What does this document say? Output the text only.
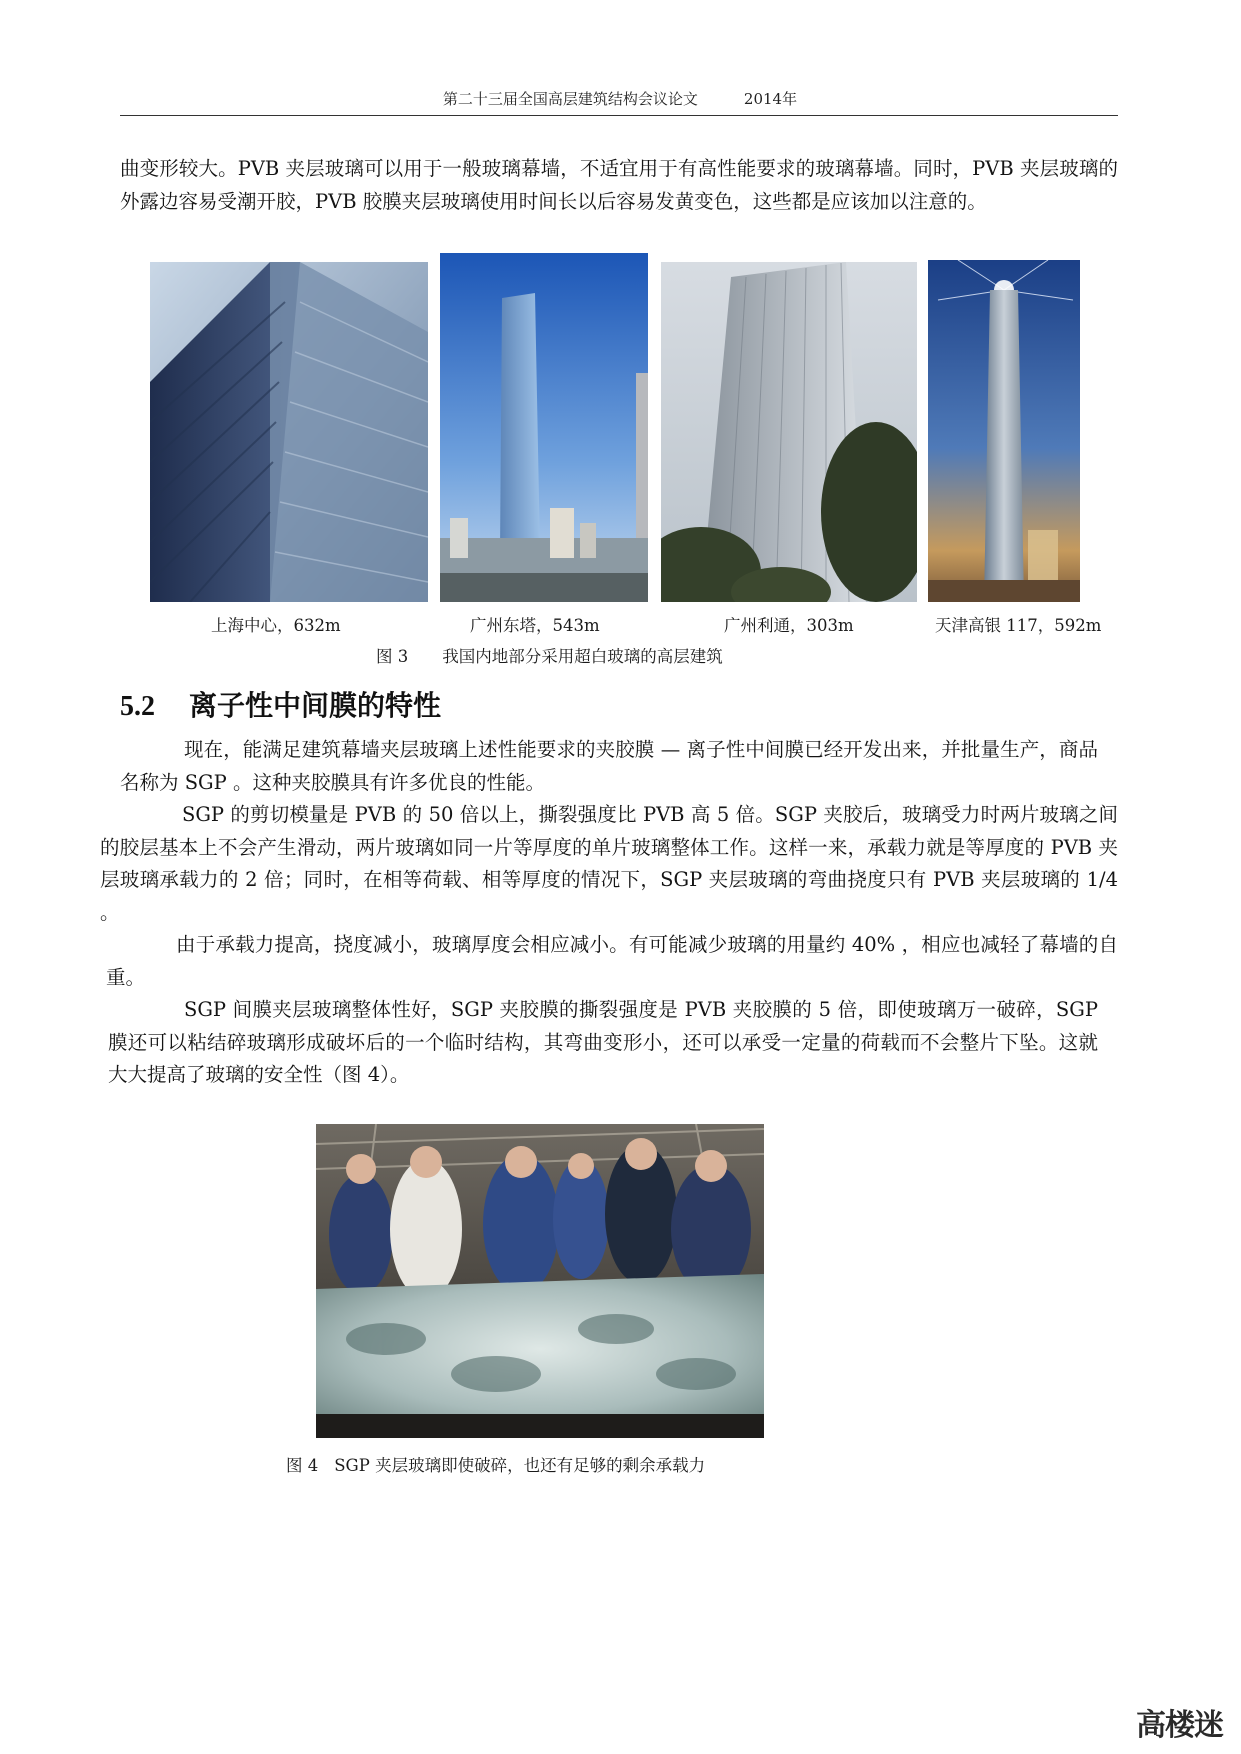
第二十三届全国高层建筑结构会议论文	2014年

曲变形较大。PVB 夹层玻璃可以用于一般玻璃幕墙，不适宜用于有高性能要求的玻璃幕墙。同时，PVB 夹层玻璃的外露边容易受潮开胶，PVB 胶膜夹层玻璃使用时间长以后容易发黄变色，这些都是应该加以注意的。

上海中心，632m	广州东塔，543m	广州利通，303m	天津高银 117，592m
图 3 我国内地部分采用超白玻璃的高层建筑
5.2 离子性中间膜的特性

现在，能满足建筑幕墙夹层玻璃上述性能要求的夹胶膜 — 离子性中间膜已经开发出来，并批量生产，商品名称为 SGP 。这种夹胶膜具有许多优良的性能。

SGP 的剪切模量是 PVB 的 50 倍以上，撕裂强度比 PVB 高 5 倍。SGP 夹胶后，玻璃受力时两片玻璃之间的胶层基本上不会产生滑动，两片玻璃如同一片等厚度的单片玻璃整体工作。这样一来，承载力就是等厚度的 PVB 夹层玻璃承载力的 2 倍；同时，在相等荷载、相等厚度的情况下，SGP 夹层玻璃的弯曲挠度只有 PVB 夹层玻璃的 1/4 。

由于承载力提高，挠度减小，玻璃厚度会相应减小。有可能减少玻璃的用量约 40% ，相应也减轻了幕墙的自重。

SGP 间膜夹层玻璃整体性好，SGP 夹胶膜的撕裂强度是 PVB 夹胶膜的 5 倍，即使玻璃万一破碎，SGP 膜还可以粘结碎玻璃形成破坏后的一个临时结构，其弯曲变形小，还可以承受一定量的荷载而不会整片下坠。这就大大提高了玻璃的安全性（图 4）。

图 4 SGP 夹层玻璃即使破碎，也还有足够的剩余承载力
高楼迷
